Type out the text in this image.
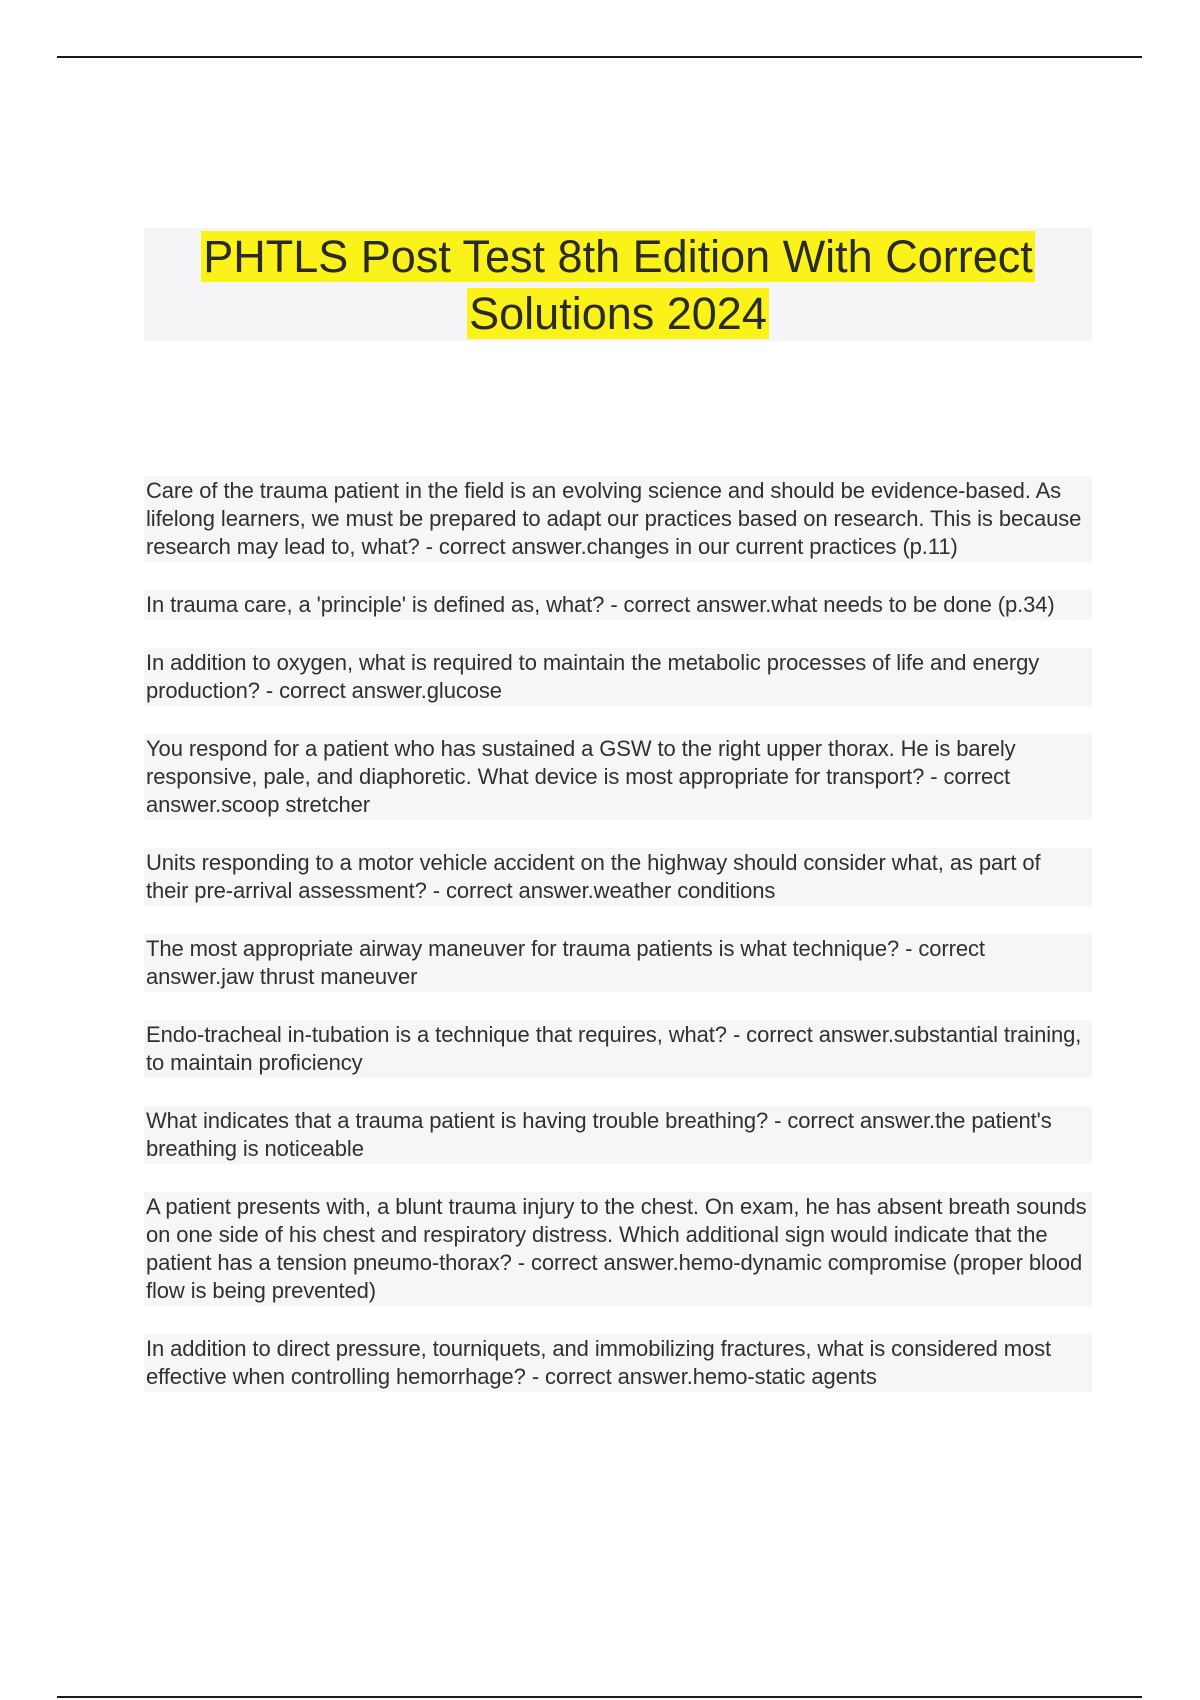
PHTLS Post Test 8th Edition With Correct Solutions 2024
Care of the trauma patient in the field is an evolving science and should be evidence-based. As lifelong learners, we must be prepared to adapt our practices based on research. This is because research may lead to, what? - correct answer.changes in our current practices (p.11)
In trauma care, a 'principle' is defined as, what? - correct answer.what needs to be done (p.34)
In addition to oxygen, what is required to maintain the metabolic processes of life and energy production? - correct answer.glucose
You respond for a patient who has sustained a GSW to the right upper thorax. He is barely responsive, pale, and diaphoretic. What device is most appropriate for transport? - correct answer.scoop stretcher
Units responding to a motor vehicle accident on the highway should consider what, as part of their pre-arrival assessment? - correct answer.weather conditions
The most appropriate airway maneuver for trauma patients is what technique? - correct answer.jaw thrust maneuver
Endo-tracheal in-tubation is a technique that requires, what? - correct answer.substantial training, to maintain proficiency
What indicates that a trauma patient is having trouble breathing? - correct answer.the patient's breathing is noticeable
A patient presents with, a blunt trauma injury to the chest. On exam, he has absent breath sounds on one side of his chest and respiratory distress. Which additional sign would indicate that the patient has a tension pneumo-thorax? - correct answer.hemo-dynamic compromise (proper blood flow is being prevented)
In addition to direct pressure, tourniquets, and immobilizing fractures, what is considered most effective when controlling hemorrhage? - correct answer.hemo-static agents
